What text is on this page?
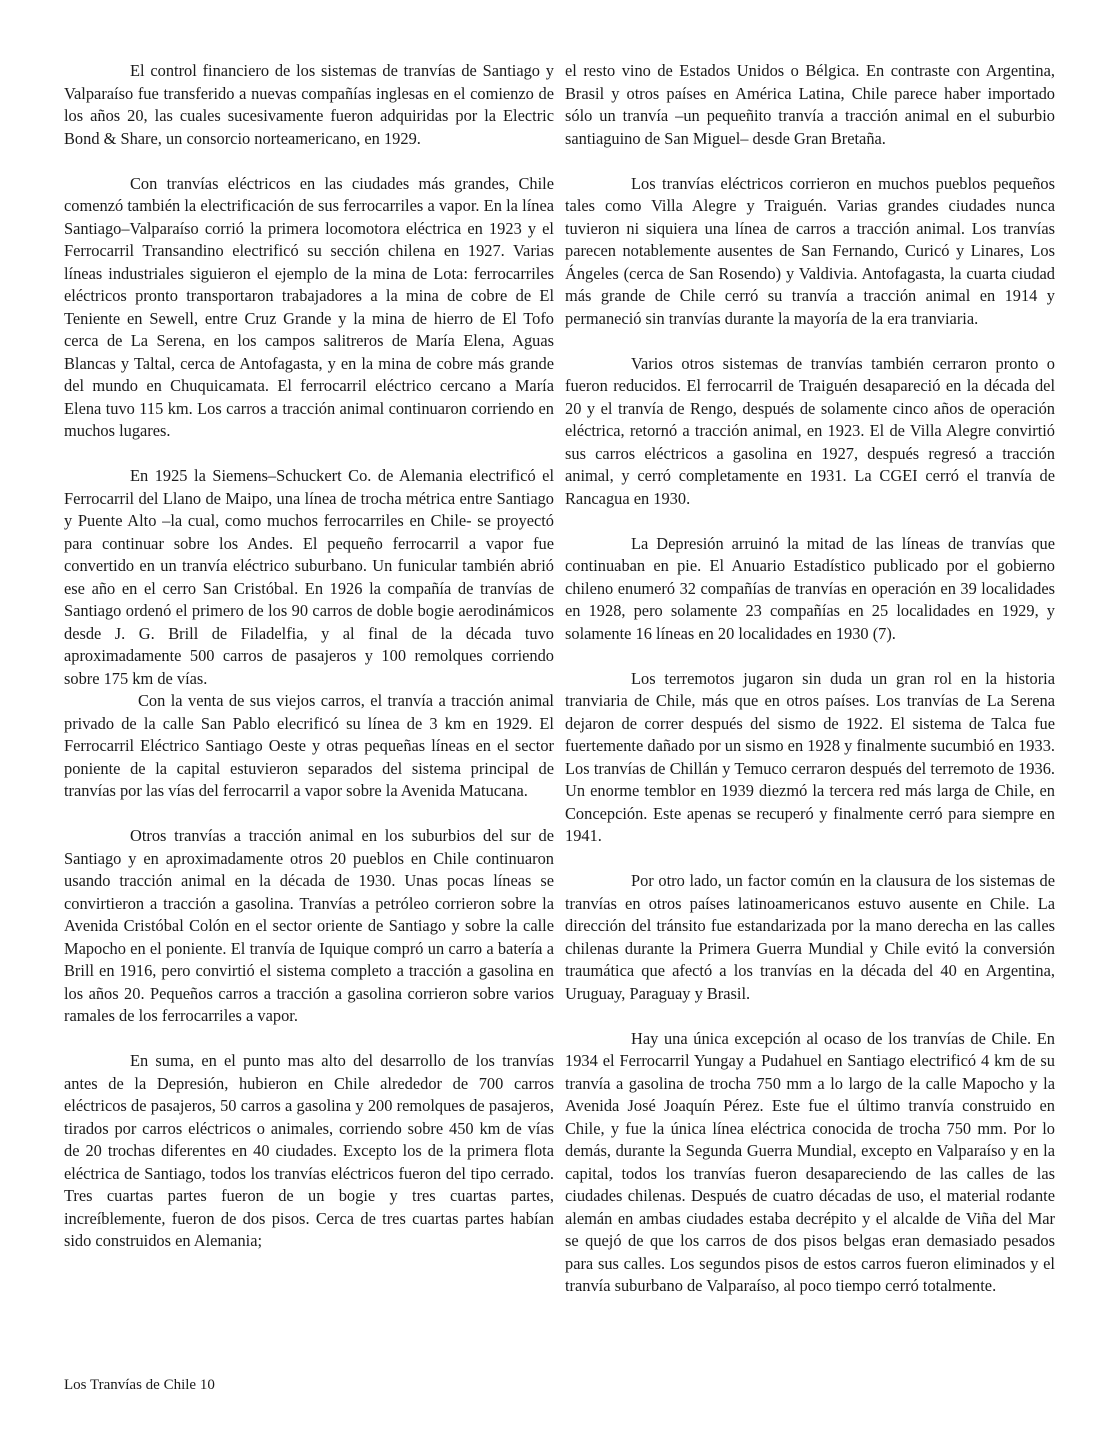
El control financiero de los sistemas de tranvías de Santiago y Valparaíso fue transferido a nuevas compañías inglesas en el comienzo de los años 20, las cuales sucesivamente fueron adquiridas por la Electric Bond & Share, un consorcio norteamericano, en 1929.

Con tranvías eléctricos en las ciudades más grandes, Chile comenzó también la electrificación de sus ferrocarriles a vapor. En la línea Santiago–Valparaíso corrió la primera locomotora eléctrica en 1923 y el Ferrocarril Transandino electrificó su sección chilena en 1927. Varias líneas industriales siguieron el ejemplo de la mina de Lota: ferrocarriles eléctricos pronto transportaron trabajadores a la mina de cobre de El Teniente en Sewell, entre Cruz Grande y la mina de hierro de El Tofo cerca de La Serena, en los campos salitreros de María Elena, Aguas Blancas y Taltal, cerca de Antofagasta, y en la mina de cobre más grande del mundo en Chuquicamata. El ferrocarril eléctrico cercano a María Elena tuvo 115 km. Los carros a tracción animal continuaron corriendo en muchos lugares.

En 1925 la Siemens–Schuckert Co. de Alemania electrificó el Ferrocarril del Llano de Maipo, una línea de trocha métrica entre Santiago y Puente Alto –la cual, como muchos ferrocarriles en Chile- se proyectó para continuar sobre los Andes. El pequeño ferrocarril a vapor fue convertido en un tranvía eléctrico suburbano. Un funicular también abrió ese año en el cerro San Cristóbal. En 1926 la compañía de tranvías de Santiago ordenó el primero de los 90 carros de doble bogie aerodinámicos desde J. G. Brill de Filadelfia, y al final de la década tuvo aproximadamente 500 carros de pasajeros y 100 remolques corriendo sobre 175 km de vías.

Con la venta de sus viejos carros, el tranvía a tracción animal privado de la calle San Pablo elecrificó su línea de 3 km en 1929. El Ferrocarril Eléctrico Santiago Oeste y otras pequeñas líneas en el sector poniente de la capital estuvieron separados del sistema principal de tranvías por las vías del ferrocarril a vapor sobre la Avenida Matucana.

Otros tranvías a tracción animal en los suburbios del sur de Santiago y en aproximadamente otros 20 pueblos en Chile continuaron usando tracción animal en la década de 1930. Unas pocas líneas se convirtieron a tracción a gasolina. Tranvías a petróleo corrieron sobre la Avenida Cristóbal Colón en el sector oriente de Santiago y sobre la calle Mapocho en el poniente. El tranvía de Iquique compró un carro a batería a Brill en 1916, pero convirtió el sistema completo a tracción a gasolina en los años 20. Pequeños carros a tracción a gasolina corrieron sobre varios ramales de los ferrocarriles a vapor.

En suma, en el punto mas alto del desarrollo de los tranvías antes de la Depresión, hubieron en Chile alrededor de 700 carros eléctricos de pasajeros, 50 carros a gasolina y 200 remolques de pasajeros, tirados por carros eléctricos o animales, corriendo sobre 450 km de vías de 20 trochas diferentes en 40 ciudades. Excepto los de la primera flota eléctrica de Santiago, todos los tranvías eléctricos fueron del tipo cerrado. Tres cuartas partes fueron de un bogie y tres cuartas partes, increíblemente, fueron de dos pisos. Cerca de tres cuartas partes habían sido construidos en Alemania;

el resto vino de Estados Unidos o Bélgica. En contraste con Argentina, Brasil y otros países en América Latina, Chile parece haber importado sólo un tranvía –un pequeñito tranvía a tracción animal en el suburbio santiaguino de San Miguel– desde Gran Bretaña.

Los tranvías eléctricos corrieron en muchos pueblos pequeños tales como Villa Alegre y Traiguén. Varias grandes ciudades nunca tuvieron ni siquiera una línea de carros a tracción animal. Los tranvías parecen notablemente ausentes de San Fernando, Curicó y Linares, Los Ángeles (cerca de San Rosendo) y Valdivia. Antofagasta, la cuarta ciudad más grande de Chile cerró su tranvía a tracción animal en 1914 y permaneció sin tranvías durante la mayoría de la era tranviaria.

Varios otros sistemas de tranvías también cerraron pronto o fueron reducidos. El ferrocarril de Traiguén desapareció en la década del 20 y el tranvía de Rengo, después de solamente cinco años de operación eléctrica, retornó a tracción animal, en 1923. El de Villa Alegre convirtió sus carros eléctricos a gasolina en 1927, después regresó a tracción animal, y cerró completamente en 1931. La CGEI cerró el tranvía de Rancagua en 1930.

La Depresión arruinó la mitad de las líneas de tranvías que continuaban en pie. El Anuario Estadístico publicado por el gobierno chileno enumeró 32 compañías de tranvías en operación en 39 localidades en 1928, pero solamente 23 compañías en 25 localidades en 1929, y solamente 16 líneas en 20 localidades en 1930 (7).

Los terremotos jugaron sin duda un gran rol en la historia tranviaria de Chile, más que en otros países. Los tranvías de La Serena dejaron de correr después del sismo de 1922. El sistema de Talca fue fuertemente dañado por un sismo en 1928 y finalmente sucumbió en 1933. Los tranvías de Chillán y Temuco cerraron después del terremoto de 1936. Un enorme temblor en 1939 diezmó la tercera red más larga de Chile, en Concepción. Este apenas se recuperó y finalmente cerró para siempre en 1941.

Por otro lado, un factor común en la clausura de los sistemas de tranvías en otros países latinoamericanos estuvo ausente en Chile. La dirección del tránsito fue estandarizada por la mano derecha en las calles chilenas durante la Primera Guerra Mundial y Chile evitó la conversión traumática que afectó a los tranvías en la década del 40 en Argentina, Uruguay, Paraguay y Brasil.

Hay una única excepción al ocaso de los tranvías de Chile. En 1934 el Ferrocarril Yungay a Pudahuel en Santiago electrificó 4 km de su tranvía a gasolina de trocha 750 mm a lo largo de la calle Mapocho y la Avenida José Joaquín Pérez. Este fue el último tranvía construido en Chile, y fue la única línea eléctrica conocida de trocha 750 mm. Por lo demás, durante la Segunda Guerra Mundial, excepto en Valparaíso y en la capital, todos los tranvías fueron desapareciendo de las calles de las ciudades chilenas. Después de cuatro décadas de uso, el material rodante alemán en ambas ciudades estaba decrépito y el alcalde de Viña del Mar se quejó de que los carros de dos pisos belgas eran demasiado pesados para sus calles. Los segundos pisos de estos carros fueron eliminados y el tranvía suburbano de Valparaíso, al poco tiempo cerró totalmente.

Los Tranvías de Chile 10
